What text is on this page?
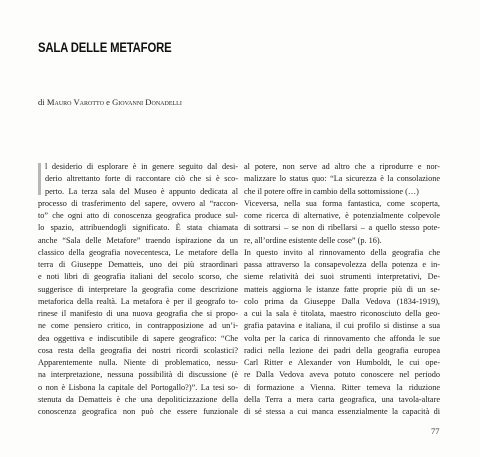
SALA DELLE METAFORE
di Mauro Varotto e Giovanni Donadelli
l desiderio di esplorare è in genere seguito dal desi-
derio altrettanto forte di raccontare ciò che si è sco-
perto. La terza sala del Museo è appunto dedicata al
processo di trasferimento del sapere, ovvero al “raccon-
to” che ogni atto di conoscenza geografica produce sul-
lo spazio, attribuendogli significato. È stata chiamata
anche “Sala delle Metafore” traendo ispirazione da un
classico della geografia novecentesca, Le metafore della
terra di Giuseppe Dematteis, uno dei più straordinari
e noti libri di geografia italiani del secolo scorso, che
suggerisce di interpretare la geografia come descrizione
metaforica della realtà. La metafora è per il geografo to-
rinese il manifesto di una nuova geografia che si propo-
ne come pensiero critico, in contrapposizione ad un’i-
dea oggettiva e indiscutibile di sapere geografico: “Che
cosa resta della geografia dei nostri ricordi scolastici?
Apparentemente nulla. Niente di problematico, nessu-
na interpretazione, nessuna possibilità di discussione (è
o non è Lisbona la capitale del Portogallo?)”. La tesi so-
stenuta da Dematteis è che una depoliticizzazione della
conoscenza geografica non può che essere funzionale
al potere, non serve ad altro che a riprodurre e nor-
malizzare lo status quo: “La sicurezza è la consolazione
che il potere offre in cambio della sottomissione (…)
Viceversa, nella sua forma fantastica, come scoperta,
come ricerca di alternative, è potenzialmente colpevole
di sottrarsi – se non di ribellarsi – a quello stesso pote-
re, all’ordine esistente delle cose” (p. 16).
In questo invito al rinnovamento della geografia che
passa attraverso la consapevolezza della potenza e in-
sieme relatività dei suoi strumenti interpretativi, De-
matteis aggiorna le istanze fatte proprie più di un se-
colo prima da Giuseppe Dalla Vedova (1834-1919),
a cui la sala è titolata, maestro riconosciuto della geo-
grafia patavina e italiana, il cui profilo si distinse a sua
volta per la carica di rinnovamento che affonda le sue
radici nella lezione dei padri della geografia europea
Carl Ritter e Alexander von Humboldt, le cui ope-
re Dalla Vedova aveva potuto conoscere nel periodo
di formazione a Vienna. Ritter temeva la riduzione
della Terra a mera carta geografica, una tavola-altare
di sé stessa a cui manca essenzialmente la capacità di
77
